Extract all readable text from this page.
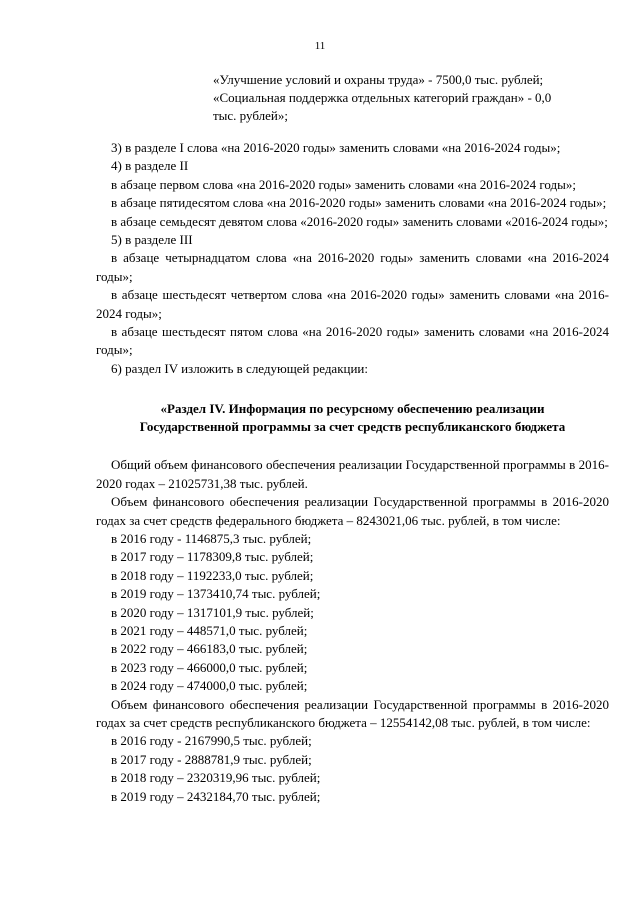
11
«Улучшение условий и охраны труда» - 7500,0 тыс. рублей;
«Социальная поддержка отдельных категорий граждан» - 0,0
тыс. рублей»;

3) в разделе I слова «на 2016-2020 годы» заменить словами «на 2016-2024 годы»;

4) в разделе II

в абзаце первом слова «на 2016-2020 годы» заменить словами «на 2016-2024 годы»;

в абзаце пятидесятом слова «на 2016-2020 годы» заменить словами «на 2016-2024 годы»;

в абзаце семьдесят девятом слова «2016-2020 годы» заменить словами «2016-2024 годы»;

5) в разделе III

в абзаце четырнадцатом слова «на 2016-2020 годы» заменить словами «на 2016-2024 годы»;

в абзаце шестьдесят четвертом слова «на 2016-2020 годы» заменить словами «на 2016-2024 годы»;

в абзаце шестьдесят пятом слова «на 2016-2020 годы» заменить словами «на 2016-2024 годы»;

6) раздел IV изложить в следующей редакции:

«Раздел IV. Информация по ресурсному обеспечению реализации
Государственной программы за счет средств республиканского бюджета

Общий объем финансового обеспечения реализации Государственной программы в 2016-2020 годах – 21025731,38 тыс. рублей.

Объем финансового обеспечения реализации Государственной программы в 2016-2020 годах за счет средств федерального бюджета – 8243021,06 тыс. рублей, в том числе:

в 2016 году - 1146875,3 тыс. рублей;
в 2017 году – 1178309,8 тыс. рублей;
в 2018 году – 1192233,0 тыс. рублей;
в 2019 году – 1373410,74 тыс. рублей;
в 2020 году – 1317101,9 тыс. рублей;
в 2021 году – 448571,0 тыс. рублей;
в 2022 году – 466183,0 тыс. рублей;
в 2023 году – 466000,0 тыс. рублей;
в 2024 году – 474000,0 тыс. рублей;

Объем финансового обеспечения реализации Государственной программы в 2016-2020 годах за счет средств республиканского бюджета – 12554142,08 тыс. рублей, в том числе:

в 2016 году - 2167990,5 тыс. рублей;
в 2017 году - 2888781,9 тыс. рублей;
в 2018 году – 2320319,96 тыс. рублей;
в 2019 году – 2432184,70 тыс. рублей;
